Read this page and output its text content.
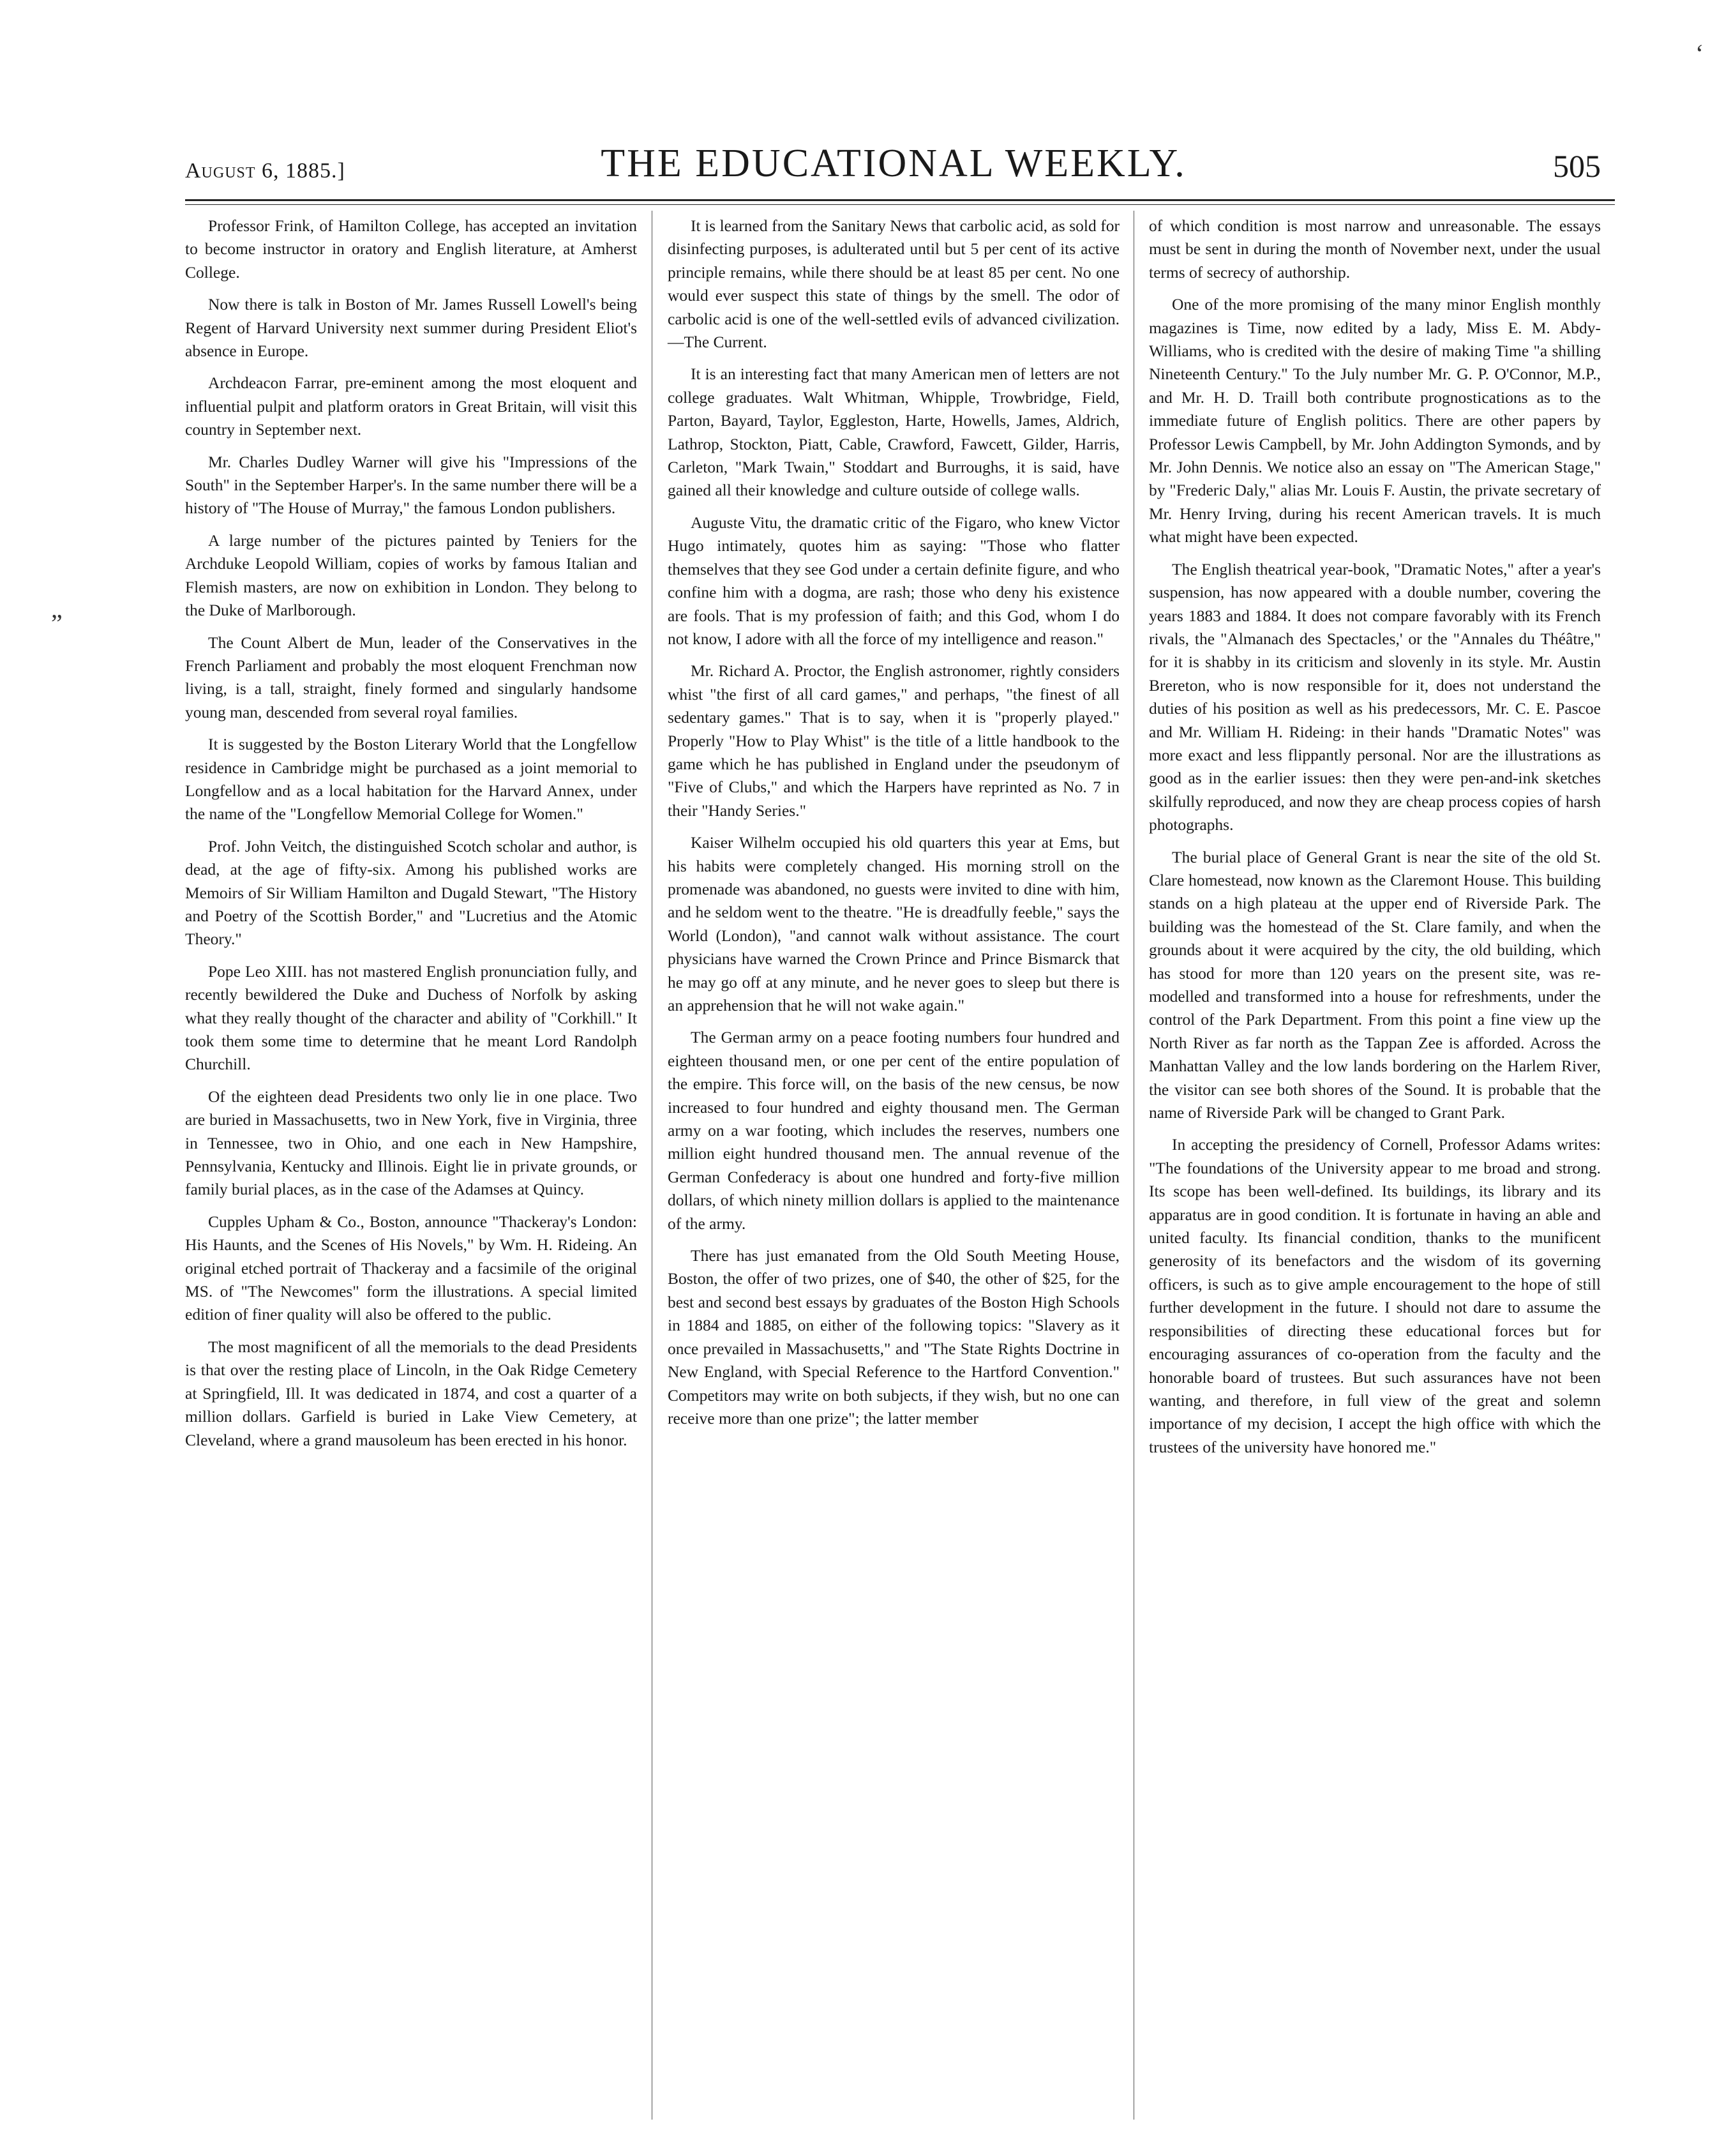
August 6, 1885.]	THE EDUCATIONAL WEEKLY.	505

Professor Frink, of Hamilton College, has accepted an invitation to become instructor in oratory and English literature, at Amherst College.

Now there is talk in Boston of Mr. James Russell Lowell's being Regent of Harvard University next summer during President Eliot's absence in Europe.

Archdeacon Farrar, pre-eminent among the most eloquent and influential pulpit and platform orators in Great Britain, will visit this country in September next.

Mr. Charles Dudley Warner will give his "Impressions of the South" in the September Harper's. In the same number there will be a history of "The House of Murray," the famous London publishers.

A large number of the pictures painted by Teniers for the Archduke Leopold William, copies of works by famous Italian and Flemish masters, are now on exhibition in London. They belong to the Duke of Marlborough.

The Count Albert de Mun, leader of the Conservatives in the French Parliament and probably the most eloquent Frenchman now living, is a tall, straight, finely formed and singularly handsome young man, descended from several royal families.

It is suggested by the Boston Literary World that the Longfellow residence in Cambridge might be purchased as a joint memorial to Longfellow and as a local habitation for the Harvard Annex, under the name of the "Longfellow Memorial College for Women."

Prof. John Veitch, the distinguished Scotch scholar and author, is dead, at the age of fifty-six. Among his published works are Memoirs of Sir William Hamilton and Dugald Stewart, "The History and Poetry of the Scottish Border," and "Lucretius and the Atomic Theory."

Pope Leo XIII. has not mastered English pronunciation fully, and recently bewildered the Duke and Duchess of Norfolk by asking what they really thought of the character and ability of "Corkhill." It took them some time to determine that he meant Lord Randolph Churchill.

Of the eighteen dead Presidents two only lie in one place. Two are buried in Massachusetts, two in New York, five in Virginia, three in Tennessee, two in Ohio, and one each in New Hampshire, Pennsylvania, Kentucky and Illinois. Eight lie in private grounds, or family burial places, as in the case of the Adamses at Quincy.

Cupples Upham & Co., Boston, announce "Thackeray's London: His Haunts, and the Scenes of His Novels," by Wm. H. Rideing. An original etched portrait of Thackeray and a facsimile of the original MS. of "The Newcomes" form the illustrations. A special limited edition of finer quality will also be offered to the public.

The most magnificent of all the memorials to the dead Presidents is that over the resting place of Lincoln, in the Oak Ridge Cemetery at Springfield, Ill. It was dedicated in 1874, and cost a quarter of a million dollars. Garfield is buried in Lake View Cemetery, at Cleveland, where a grand mausoleum has been erected in his honor.

It is learned from the Sanitary News that carbolic acid, as sold for disinfecting purposes, is adulterated until but 5 per cent of its active principle remains, while there should be at least 85 per cent. No one would ever suspect this state of things by the smell. The odor of carbolic acid is one of the well-settled evils of advanced civilization.—The Current.

It is an interesting fact that many American men of letters are not college graduates. Walt Whitman, Whipple, Trowbridge, Field, Parton, Bayard, Taylor, Eggleston, Harte, Howells, James, Aldrich, Lathrop, Stockton, Piatt, Cable, Crawford, Fawcett, Gilder, Harris, Carleton, "Mark Twain," Stoddart and Burroughs, it is said, have gained all their knowledge and culture outside of college walls.

Auguste Vitu, the dramatic critic of the Figaro, who knew Victor Hugo intimately, quotes him as saying: "Those who flatter themselves that they see God under a certain definite figure, and who confine him with a dogma, are rash; those who deny his existence are fools. That is my profession of faith; and this God, whom I do not know, I adore with all the force of my intelligence and reason."

Mr. Richard A. Proctor, the English astronomer, rightly considers whist "the first of all card games," and perhaps, "the finest of all sedentary games." That is to say, when it is "properly played." Properly "How to Play Whist" is the title of a little handbook to the game which he has published in England under the pseudonym of "Five of Clubs," and which the Harpers have reprinted as No. 7 in their "Handy Series."

Kaiser Wilhelm occupied his old quarters this year at Ems, but his habits were completely changed. His morning stroll on the promenade was abandoned, no guests were invited to dine with him, and he seldom went to the theatre. "He is dreadfully feeble," says the World (London), "and cannot walk without assistance. The court physicians have warned the Crown Prince and Prince Bismarck that he may go off at any minute, and he never goes to sleep but there is an apprehension that he will not wake again."

The German army on a peace footing numbers four hundred and eighteen thousand men, or one per cent of the entire population of the empire. This force will, on the basis of the new census, be now increased to four hundred and eighty thousand men. The German army on a war footing, which includes the reserves, numbers one million eight hundred thousand men. The annual revenue of the German Confederacy is about one hundred and forty-five million dollars, of which ninety million dollars is applied to the maintenance of the army.

There has just emanated from the Old South Meeting House, Boston, the offer of two prizes, one of $40, the other of $25, for the best and second best essays by graduates of the Boston High Schools in 1884 and 1885, on either of the following topics: "Slavery as it once prevailed in Massachusetts," and "The State Rights Doctrine in New England, with Special Reference to the Hartford Convention." Competitors may write on both subjects, if they wish, but no one can receive more than one prize"; the latter member

of which condition is most narrow and unreasonable. The essays must be sent in during the month of November next, under the usual terms of secrecy of authorship.

One of the more promising of the many minor English monthly magazines is Time, now edited by a lady, Miss E. M. Abdy-Williams, who is credited with the desire of making Time "a shilling Nineteenth Century." To the July number Mr. G. P. O'Connor, M.P., and Mr. H. D. Traill both contribute prognostications as to the immediate future of English politics. There are other papers by Professor Lewis Campbell, by Mr. John Addington Symonds, and by Mr. John Dennis. We notice also an essay on "The American Stage," by "Frederic Daly," alias Mr. Louis F. Austin, the private secretary of Mr. Henry Irving, during his recent American travels. It is much what might have been expected.

The English theatrical year-book, "Dramatic Notes," after a year's suspension, has now appeared with a double number, covering the years 1883 and 1884. It does not compare favorably with its French rivals, the "Almanach des Spectacles,' or the "Annales du Théâtre," for it is shabby in its criticism and slovenly in its style. Mr. Austin Brereton, who is now responsible for it, does not understand the duties of his position as well as his predecessors, Mr. C. E. Pascoe and Mr. William H. Rideing: in their hands "Dramatic Notes" was more exact and less flippantly personal. Nor are the illustrations as good as in the earlier issues: then they were pen-and-ink sketches skilfully reproduced, and now they are cheap process copies of harsh photographs.

The burial place of General Grant is near the site of the old St. Clare homestead, now known as the Claremont House. This building stands on a high plateau at the upper end of Riverside Park. The building was the homestead of the St. Clare family, and when the grounds about it were acquired by the city, the old building, which has stood for more than 120 years on the present site, was re-modelled and transformed into a house for refreshments, under the control of the Park Department. From this point a fine view up the North River as far north as the Tappan Zee is afforded. Across the Manhattan Valley and the low lands bordering on the Harlem River, the visitor can see both shores of the Sound. It is probable that the name of Riverside Park will be changed to Grant Park.

In accepting the presidency of Cornell, Professor Adams writes: "The foundations of the University appear to me broad and strong. Its scope has been well-defined. Its buildings, its library and its apparatus are in good condition. It is fortunate in having an able and united faculty. Its financial condition, thanks to the munificent generosity of its benefactors and the wisdom of its governing officers, is such as to give ample encouragement to the hope of still further development in the future. I should not dare to assume the responsibilities of directing these educational forces but for encouraging assurances of co-operation from the faculty and the honorable board of trustees. But such assurances have not been wanting, and therefore, in full view of the great and solemn importance of my decision, I accept the high office with which the trustees of the university have honored me."

‘
„
